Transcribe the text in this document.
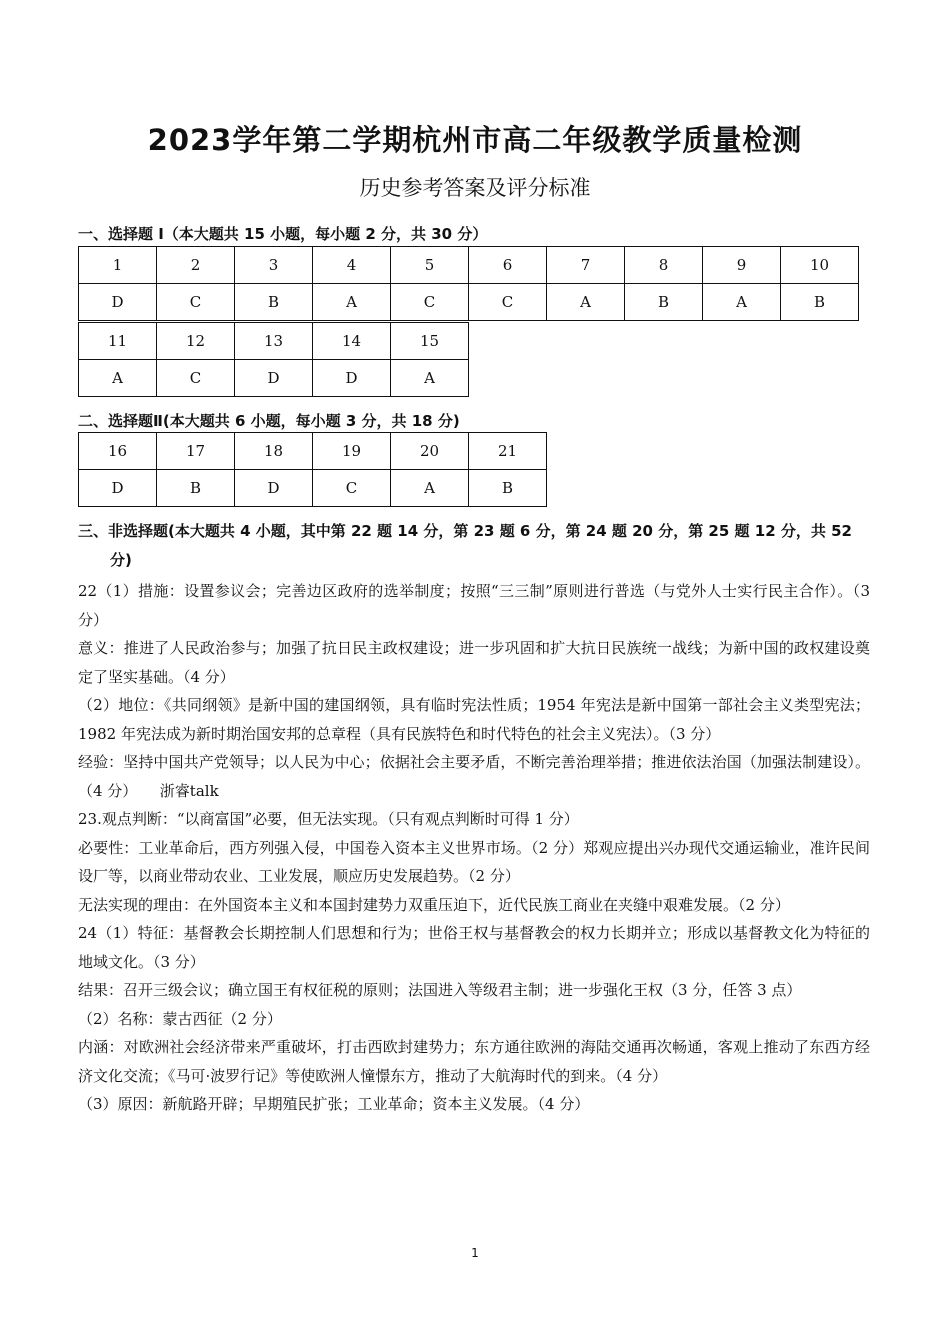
2023学年第二学期杭州市高二年级教学质量检测
历史参考答案及评分标准
一、选择题 I（本大题共 15 小题，每小题 2 分，共 30 分）
1	2	3	4	5	6	7	8	9	10
D	C	B	A	C	C	A	B	A	B
11	12	13	14	15
A	C	D	D	A
二、选择题Ⅱ(本大题共 6 小题，每小题 3 分，共 18 分)
16	17	18	19	20	21
D	B	D	C	A	B
三、非选择题(本大题共 4 小题，其中第 22 题 14 分，第 23 题 6 分，第 24 题 20 分，第 25 题 12 分，共 52
分)

22（1）措施：设置参议会；完善边区政府的选举制度；按照“三三制”原则进行普选（与党外人士实行民主合作）。（3 分）

意义：推进了人民政治参与；加强了抗日民主政权建设；进一步巩固和扩大抗日民族统一战线；为新中国的政权建设奠定了坚实基础。（4 分）

（2）地位：《共同纲领》是新中国的建国纲领，具有临时宪法性质；1954 年宪法是新中国第一部社会主义类型宪法；1982 年宪法成为新时期治国安邦的总章程（具有民族特色和时代特色的社会主义宪法）。（3 分）

经验：坚持中国共产党领导；以人民为中心；依据社会主要矛盾，不断完善治理举措；推进依法治国（加强法制建设）。（4 分）　　浙睿talk

23.观点判断：“以商富国”必要，但无法实现。（只有观点判断时可得 1 分）

必要性：工业革命后，西方列强入侵，中国卷入资本主义世界市场。（2 分）郑观应提出兴办现代交通运输业，准许民间设厂等，以商业带动农业、工业发展，顺应历史发展趋势。（2 分）

无法实现的理由：在外国资本主义和本国封建势力双重压迫下，近代民族工商业在夹缝中艰难发展。（2 分）

24（1）特征：基督教会长期控制人们思想和行为；世俗王权与基督教会的权力长期并立；形成以基督教文化为特征的地域文化。（3 分）

结果：召开三级会议；确立国王有权征税的原则；法国进入等级君主制；进一步强化王权（3 分，任答 3 点）

（2）名称：蒙古西征（2 分）

内涵：对欧洲社会经济带来严重破坏，打击西欧封建势力；东方通往欧洲的海陆交通再次畅通，客观上推动了东西方经济文化交流；《马可·波罗行记》等使欧洲人憧憬东方，推动了大航海时代的到来。（4 分）

（3）原因：新航路开辟；早期殖民扩张；工业革命；资本主义发展。（4 分）

1
